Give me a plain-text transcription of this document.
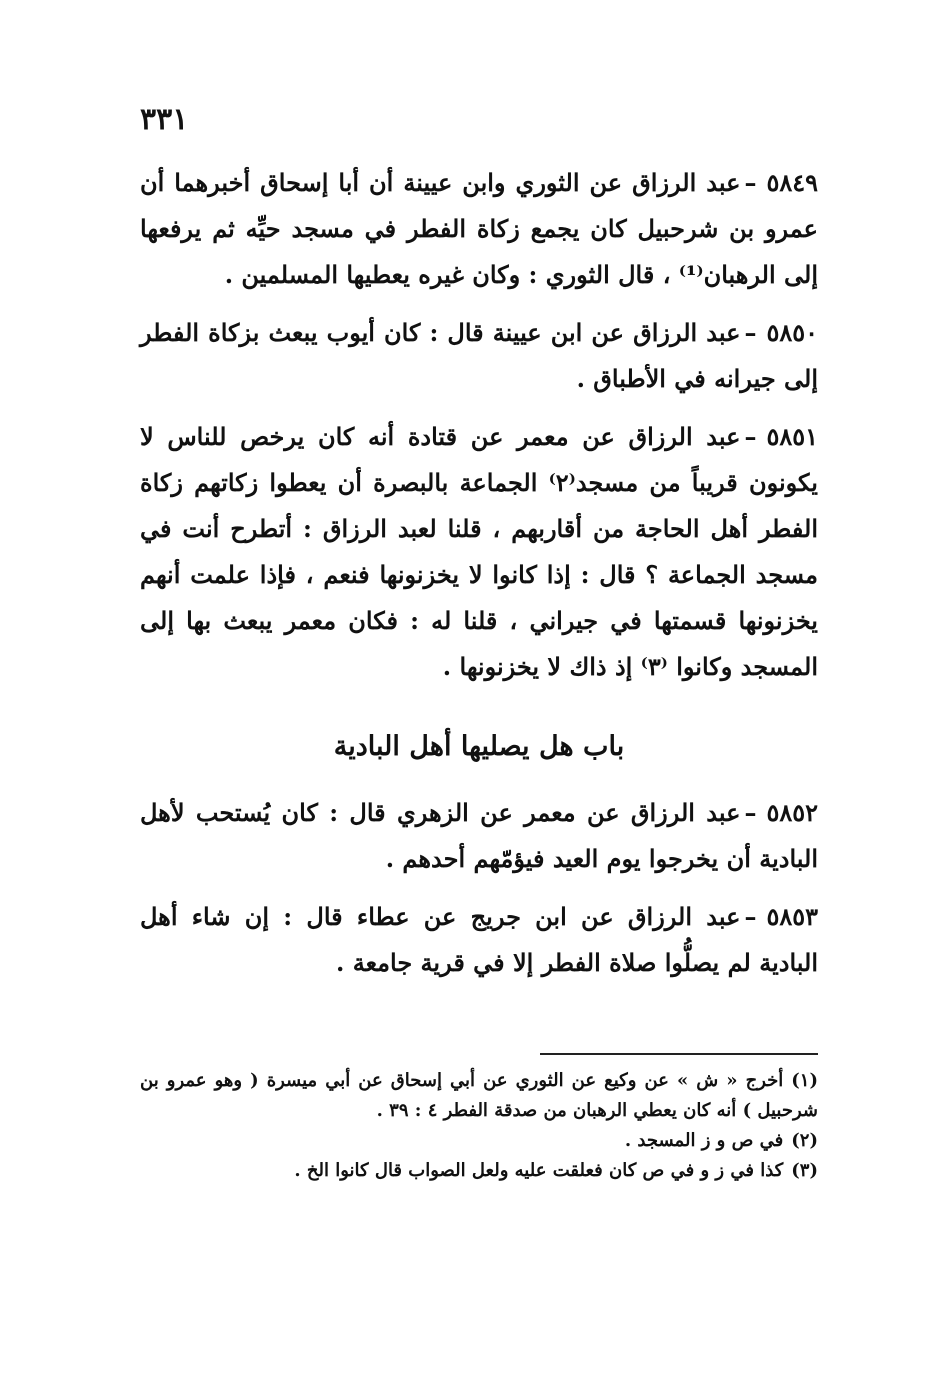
٣٣١

٥٨٤٩–عبد الرزاق عن الثوري وابن عيينة أن أبا إسحاق أخبرهما أن عمرو بن شرحبيل كان يجمع زكاة الفطر في مسجد حيِّه ثم يرفعها إلى الرهبان⁽¹⁾ ، قال الثوري : وكان غيره يعطيها المسلمين .

٥٨٥٠–عبد الرزاق عن ابن عيينة قال : كان أيوب يبعث بزكاة الفطر إلى جيرانه في الأطباق .

٥٨٥١–عبد الرزاق عن معمر عن قتادة أنه كان يرخص للناس لا يكونون قريباً من مسجد⁽٢⁾ الجماعة بالبصرة أن يعطوا زكاتهم زكاة الفطر أهل الحاجة من أقاربهم ، قلنا لعبد الرزاق : أتطرح أنت في مسجد الجماعة ؟ قال : إذا كانوا لا يخزنونها فنعم ، فإذا علمت أنهم يخزنونها قسمتها في جيراني ، قلنا له : فكان معمر يبعث بها إلى المسجد وكانوا ⁽٣⁾ إذ ذاك لا يخزنونها .

باب هل يصليها أهل البادية

٥٨٥٢–عبد الرزاق عن معمر عن الزهري قال : كان يُستحب لأهل البادية أن يخرجوا يوم العيد فيؤمّهم أحدهم .

٥٨٥٣–عبد الرزاق عن ابن جريج عن عطاء قال : إن شاء أهل البادية لم يصلُّوا صلاة الفطر إلا في قرية جامعة .

(١)أخرج « ش » عن وكيع عن الثوري عن أبي إسحاق عن أبي ميسرة ( وهو عمرو بن شرحبيل ) أنه كان يعطي الرهبان من صدقة الفطر ٤ : ٣٩ .

(٢)في ص و ز المسجد .

(٣)كذا في ز و في ص كان فعلقت عليه ولعل الصواب قال كانوا الخ .
